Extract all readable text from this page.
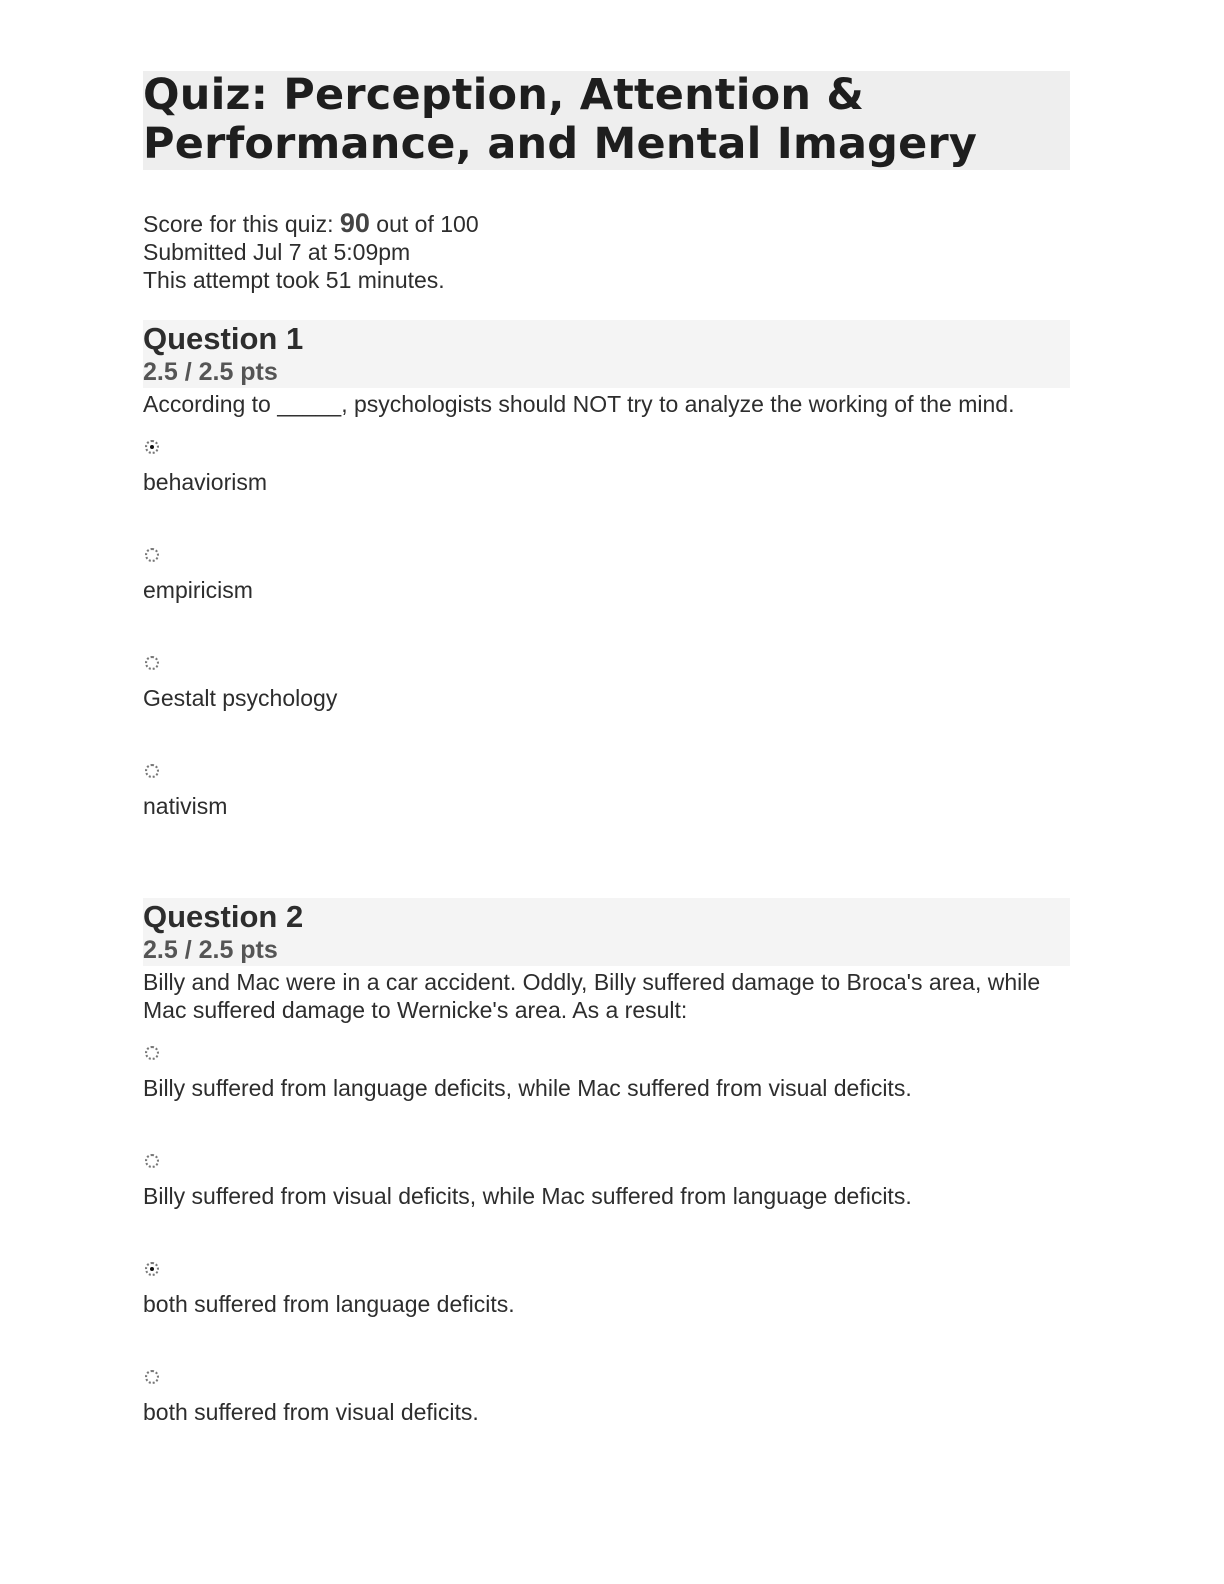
Quiz: Perception, Attention & Performance, and Mental Imagery
Score for this quiz: 90 out of 100
Submitted Jul 7 at 5:09pm
This attempt took 51 minutes.
Question 1
2.5 / 2.5 pts
According to _____, psychologists should NOT try to analyze the working of the mind.
behaviorism
empiricism
Gestalt psychology
nativism
Question 2
2.5 / 2.5 pts
Billy and Mac were in a car accident. Oddly, Billy suffered damage to Broca's area, while Mac suffered damage to Wernicke's area. As a result:
Billy suffered from language deficits, while Mac suffered from visual deficits.
Billy suffered from visual deficits, while Mac suffered from language deficits.
both suffered from language deficits.
both suffered from visual deficits.
